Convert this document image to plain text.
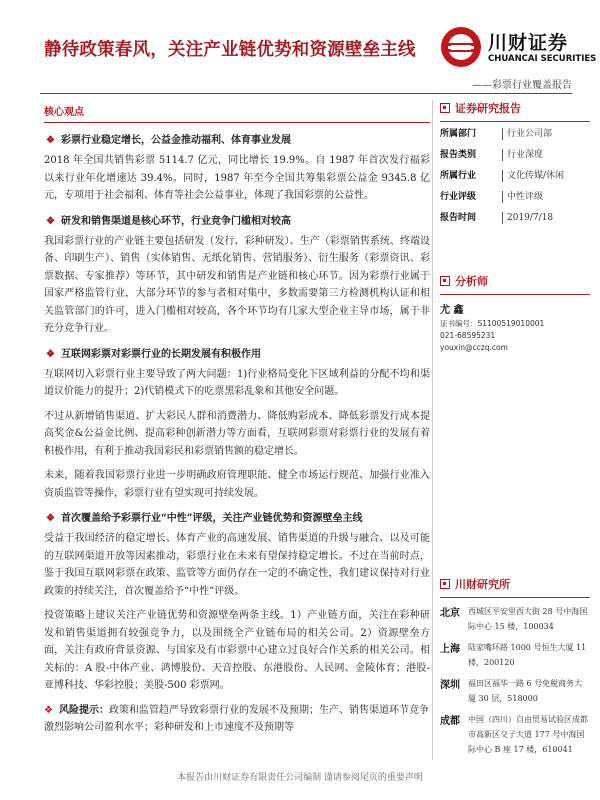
静待政策春风，关注产业链优势和资源壁垒主线	川财证券
CHUANCAI SECURITIES
——彩票行业覆盖报告
核心观点
❖ 彩票行业稳定增长，公益金推动福利、体育事业发展
2018 年全国共销售彩票 5114.7 亿元，同比增长 19.9%。自 1987 年首次发行福彩以来行业年化增速达 39.4%。同时，1987 年至今全国共筹集彩票公益金 9345.8 亿元，专项用于社会福利、体育等社会公益事业，体现了我国彩票的公益性。
❖ 研发和销售渠道是核心环节，行业竞争门槛相对较高
我国彩票行业的产业链主要包括研发（发行、彩种研发）、生产（彩票销售系统、终端设备、印刷生产）、销售（实体销售、无纸化销售、营销服务）、衍生服务（彩票资讯、彩票数据、专家推荐）等环节，其中研发和销售是产业链和核心环节。因为彩票行业属于国家严格监管行业，大部分环节的参与者相对集中，多数需要第三方检测机构认证和相关监管部门的许可，进入门槛相对较高，各个环节均有几家大型企业主导市场，属于非充分竞争行业。
❖ 互联网彩票对彩票行业的长期发展有积极作用
互联网切入彩票行业主要导致了两大问题：1)行业格局变化下区域利益的分配不均和渠道议价能力的提升；2)代销模式下的吃票黑彩乱象和其他安全问题。
不过从新增销售渠道、扩大彩民人群和消费潜力、降低购彩成本、降低彩票发行成本提高奖金&公益金比例、提高彩种创新潜力等方面看，互联网彩票对彩票行业的发展有着积极作用，有利于推动我国彩民和彩票销售额的稳定增长。
未来，随着我国彩票行业进一步明确政府管理职能、健全市场运行规范、加强行业准入资质监管等操作，彩票行业有望实现可持续发展。
❖ 首次覆盖给予彩票行业“中性”评级，关注产业链优势和资源壁垒主线
受益于我国经济的稳定增长、体育产业的高速发展、销售渠道的升级与融合、以及可能的互联网渠道开放等因素推动，彩票行业在未来有望保持稳定增长。不过在当前时点，鉴于我国互联网彩票在政策、监管等方面仍存在一定的不确定性，我们建议保持对行业政策的持续关注，首次覆盖给予“中性”评级。
投资策略上建议关注产业链优势和资源壁垒两条主线。1）产业链方面，关注在彩种研发和销售渠道拥有较强竞争力，以及围绕全产业链布局的相关公司。2）资源壁垒方面，关注有政府背景资源、与国家及有市彩票中心建立过良好合作关系的相关公司。相关标的：A 股-中体产业、鸿博股份、天音控股、东港股份、人民网、金陵体育；港股-亚博科技、华彩控股；美股-500 彩票网。
❖ 风险提示：政策和监管趋严导致彩票行业的发展不及预期；生产、销售渠道环节竞争激烈影响公司盈利水平；彩种研发和上市速度不及预期等
证券研究报告
所属部门	行业公司部
报告类别	行业深度
所属行业	文化传媒/休闲
行业评级	中性评级
报告时间	2019/7/18
分析师
尤 鑫
证书编号：S1100519010001
021-68595231
youxin@cczq.com
川财研究所
北京	西城区平安里西大街 28 号中海国际中心 15 楼，100034
上海	陆家嘴环路 1000 号恒生大厦 11 楼，200120
深圳	福田区福华一路 6 号免税商务大厦 30 层，518000
成都	中国（四川）自由贸易试验区成都市高新区交子大道 177 号中海国际中心 B 座 17 楼，610041
本报告由川财证券有限责任公司编制 谨请参阅尾页的重要声明
